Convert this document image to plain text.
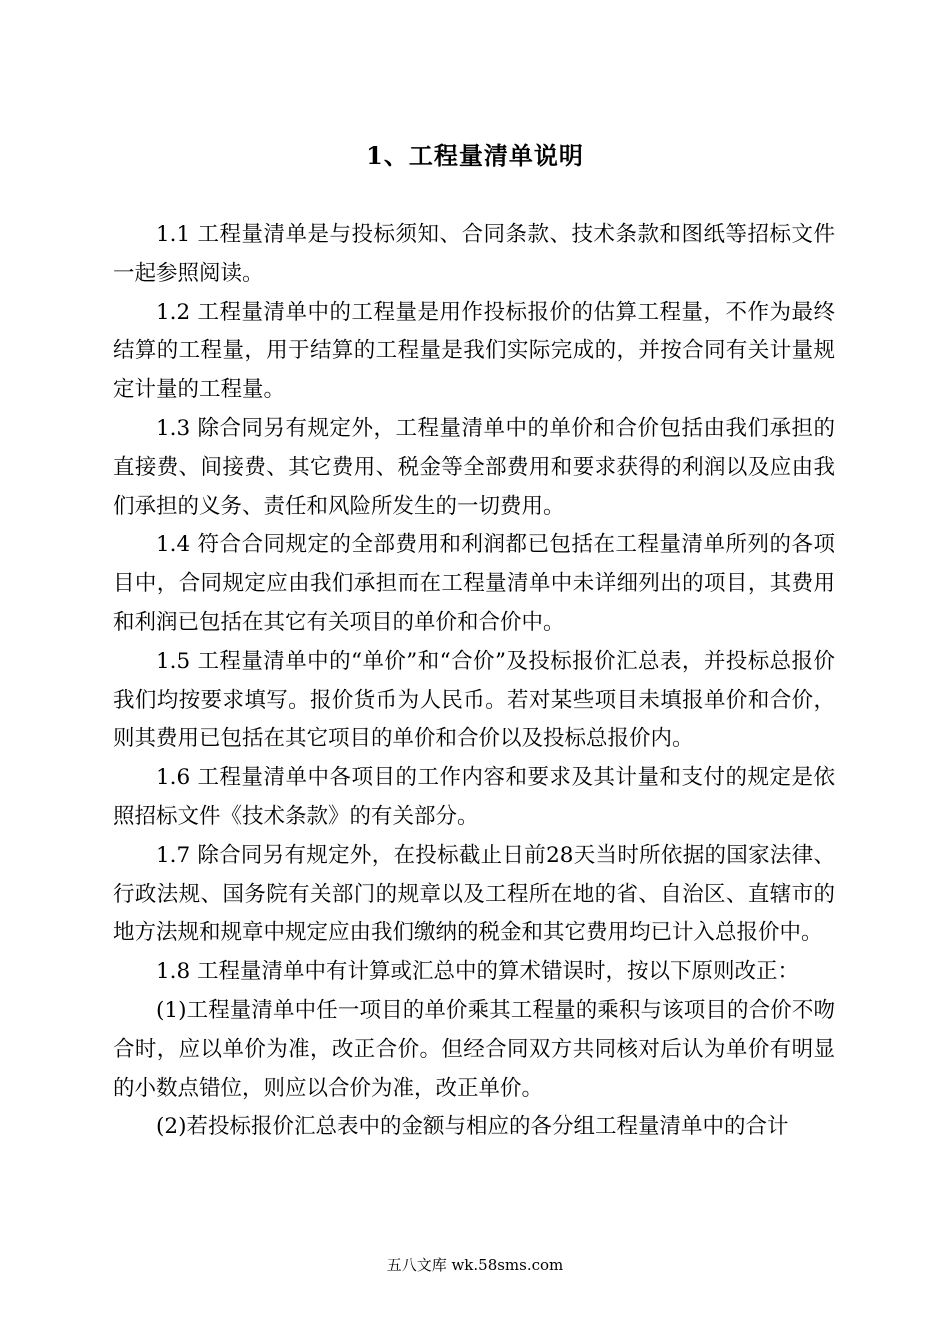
1、工程量清单说明

1.1 工程量清单是与投标须知、合同条款、技术条款和图纸等招标文件一起参照阅读。

1.2 工程量清单中的工程量是用作投标报价的估算工程量，不作为最终结算的工程量，用于结算的工程量是我们实际完成的，并按合同有关计量规定计量的工程量。

1.3 除合同另有规定外，工程量清单中的单价和合价包括由我们承担的直接费、间接费、其它费用、税金等全部费用和要求获得的利润以及应由我们承担的义务、责任和风险所发生的一切费用。

1.4 符合合同规定的全部费用和利润都已包括在工程量清单所列的各项目中，合同规定应由我们承担而在工程量清单中未详细列出的项目，其费用和利润已包括在其它有关项目的单价和合价中。

1.5 工程量清单中的“单价”和“合价”及投标报价汇总表，并投标总报价我们均按要求填写。报价货币为人民币。若对某些项目未填报单价和合价，则其费用已包括在其它项目的单价和合价以及投标总报价内。

1.6 工程量清单中各项目的工作内容和要求及其计量和支付的规定是依照招标文件《技术条款》的有关部分。

1.7 除合同另有规定外，在投标截止日前28天当时所依据的国家法律、行政法规、国务院有关部门的规章以及工程所在地的省、自治区、直辖市的地方法规和规章中规定应由我们缴纳的税金和其它费用均已计入总报价中。

1.8 工程量清单中有计算或汇总中的算术错误时，按以下原则改正：

(1)工程量清单中任一项目的单价乘其工程量的乘积与该项目的合价不吻合时，应以单价为准，改正合价。但经合同双方共同核对后认为单价有明显的小数点错位，则应以合价为准，改正单价。

(2)若投标报价汇总表中的金额与相应的各分组工程量清单中的合计

五八文库 wk.58sms.com
